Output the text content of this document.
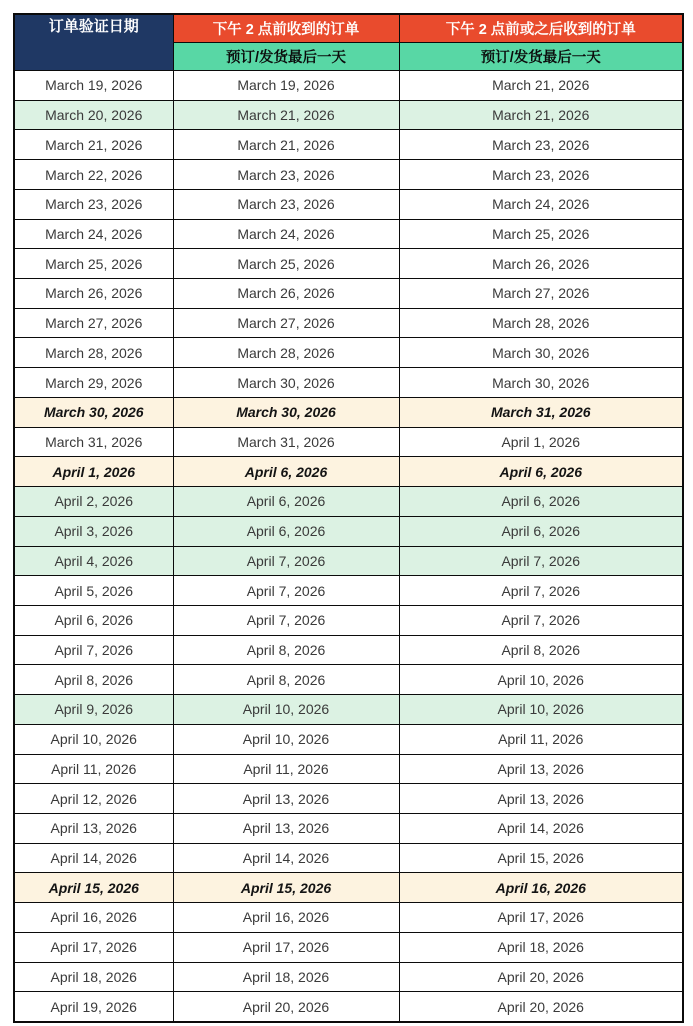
订单验证日期	下午 2 点前收到的订单	下午 2 点前或之后收到的订单
	预订/发货最后一天	预订/发货最后一天
March 19, 2026	March 19, 2026	March 21, 2026
March 20, 2026	March 21, 2026	March 21, 2026
March 21, 2026	March 21, 2026	March 23, 2026
March 22, 2026	March 23, 2026	March 23, 2026
March 23, 2026	March 23, 2026	March 24, 2026
March 24, 2026	March 24, 2026	March 25, 2026
March 25, 2026	March 25, 2026	March 26, 2026
March 26, 2026	March 26, 2026	March 27, 2026
March 27, 2026	March 27, 2026	March 28, 2026
March 28, 2026	March 28, 2026	March 30, 2026
March 29, 2026	March 30, 2026	March 30, 2026
March 30, 2026	March 30, 2026	March 31, 2026
March 31, 2026	March 31, 2026	April 1, 2026
April 1, 2026	April 6, 2026	April 6, 2026
April 2, 2026	April 6, 2026	April 6, 2026
April 3, 2026	April 6, 2026	April 6, 2026
April 4, 2026	April 7, 2026	April 7, 2026
April 5, 2026	April 7, 2026	April 7, 2026
April 6, 2026	April 7, 2026	April 7, 2026
April 7, 2026	April 8, 2026	April 8, 2026
April 8, 2026	April 8, 2026	April 10, 2026
April 9, 2026	April 10, 2026	April 10, 2026
April 10, 2026	April 10, 2026	April 11, 2026
April 11, 2026	April 11, 2026	April 13, 2026
April 12, 2026	April 13, 2026	April 13, 2026
April 13, 2026	April 13, 2026	April 14, 2026
April 14, 2026	April 14, 2026	April 15, 2026
April 15, 2026	April 15, 2026	April 16, 2026
April 16, 2026	April 16, 2026	April 17, 2026
April 17, 2026	April 17, 2026	April 18, 2026
April 18, 2026	April 18, 2026	April 20, 2026
April 19, 2026	April 20, 2026	April 20, 2026
